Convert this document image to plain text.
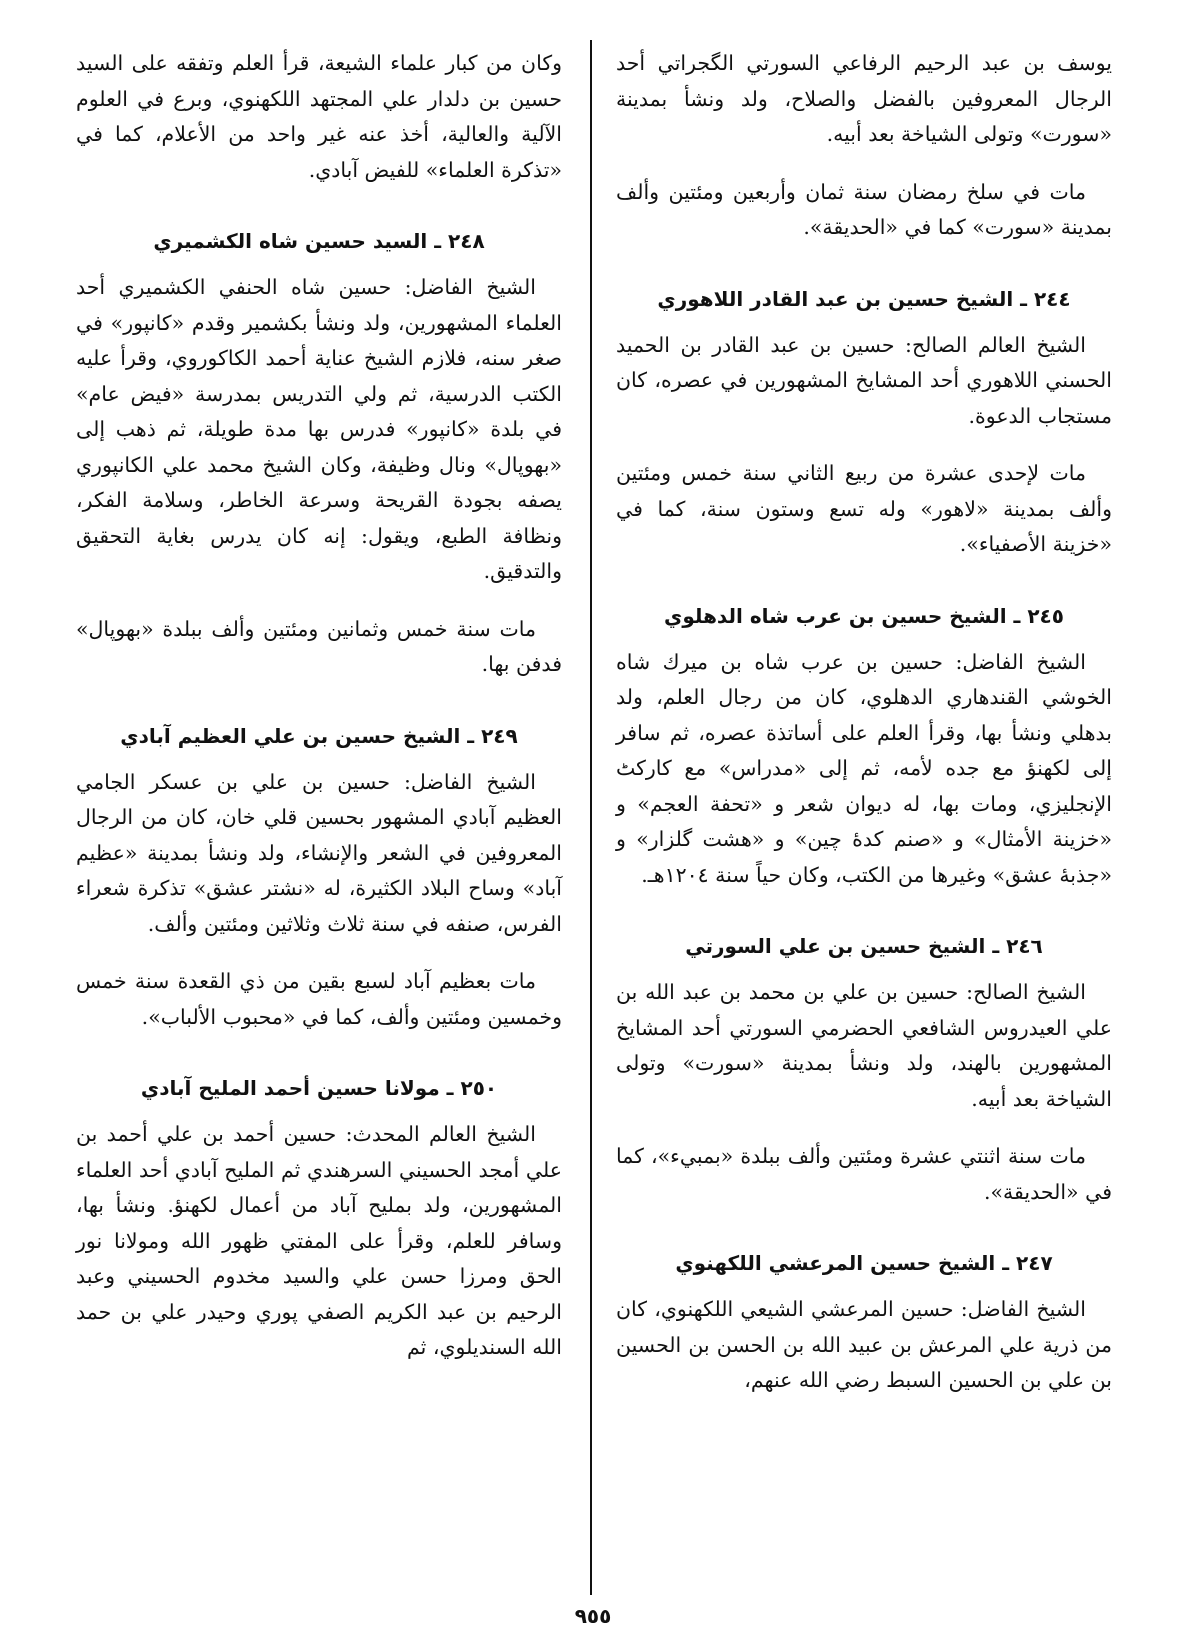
يوسف بن عبد الرحيم الرفاعي السورتي الگجراتي أحد الرجال المعروفين بالفضل والصلاح، ولد ونشأ بمدينة «سورت» وتولى الشياخة بعد أبيه.

مات في سلخ رمضان سنة ثمان وأربعين ومئتين وألف بمدينة «سورت» كما في «الحديقة».

٢٤٤ ـ الشيخ حسين بن عبد القادر اللاهوري

الشيخ العالم الصالح: حسين بن عبد القادر بن الحميد الحسني اللاهوري أحد المشايخ المشهورين في عصره، كان مستجاب الدعوة.

مات لإحدى عشرة من ربيع الثاني سنة خمس ومئتين وألف بمدينة «لاهور» وله تسع وستون سنة، كما في «خزينة الأصفياء».

٢٤٥ ـ الشيخ حسين بن عرب شاه الدهلوي

الشيخ الفاضل: حسين بن عرب شاه بن ميرك شاه الخوشي القندهاري الدهلوي، كان من رجال العلم، ولد بدهلي ونشأ بها، وقرأ العلم على أساتذة عصره، ثم سافر إلى لكهنؤ مع جده لأمه، ثم إلى «مدراس» مع كاركٹ الإنجليزي، ومات بها، له ديوان شعر و «تحفة العجم» و «خزينة الأمثال» و «صنم كدهٔ چين» و «هشت گلزار» و «جذبهٔ عشق» وغيرها من الكتب، وكان حياً سنة ١٢٠٤هـ.

٢٤٦ ـ الشيخ حسين بن علي السورتي

الشيخ الصالح: حسين بن علي بن محمد بن عبد الله بن علي العيدروس الشافعي الحضرمي السورتي أحد المشايخ المشهورين بالهند، ولد ونشأ بمدينة «سورت» وتولى الشياخة بعد أبيه.

مات سنة اثنتي عشرة ومئتين وألف ببلدة «بمبيء»، كما في «الحديقة».

٢٤٧ ـ الشيخ حسين المرعشي اللكهنوي

الشيخ الفاضل: حسين المرعشي الشيعي اللكهنوي، كان من ذرية علي المرعش بن عبيد الله بن الحسن بن الحسين بن علي بن الحسين السبط رضي الله عنهم،

وكان من كبار علماء الشيعة، قرأ العلم وتفقه على السيد حسين بن دلدار علي المجتهد اللكهنوي، وبرع في العلوم الآلية والعالية، أخذ عنه غير واحد من الأعلام، كما في «تذكرة العلماء» للفيض آبادي.

٢٤٨ ـ السيد حسين شاه الكشميري

الشيخ الفاضل: حسين شاه الحنفي الكشميري أحد العلماء المشهورين، ولد ونشأ بكشمير وقدم «كانپور» في صغر سنه، فلازم الشيخ عناية أحمد الكاكوروي، وقرأ عليه الكتب الدرسية، ثم ولي التدريس بمدرسة «فيض عام» في بلدة «كانپور» فدرس بها مدة طويلة، ثم ذهب إلى «بهوپال» ونال وظيفة، وكان الشيخ محمد علي الكانپوري يصفه بجودة القريحة وسرعة الخاطر، وسلامة الفكر، ونظافة الطبع، ويقول: إنه كان يدرس بغاية التحقيق والتدقيق.

مات سنة خمس وثمانين ومئتين وألف ببلدة «بهوپال» فدفن بها.

٢٤٩ ـ الشيخ حسين بن علي العظيم آبادي

الشيخ الفاضل: حسين بن علي بن عسكر الجامي العظيم آبادي المشهور بحسين قلي خان، كان من الرجال المعروفين في الشعر والإنشاء، ولد ونشأ بمدينة «عظيم آباد» وساح البلاد الكثيرة، له «نشتر عشق» تذكرة شعراء الفرس، صنفه في سنة ثلاث وثلاثين ومئتين وألف.

مات بعظيم آباد لسبع بقين من ذي القعدة سنة خمس وخمسين ومئتين وألف، كما في «محبوب الألباب».

٢٥٠ ـ مولانا حسين أحمد المليح آبادي

الشيخ العالم المحدث: حسين أحمد بن علي أحمد بن علي أمجد الحسيني السرهندي ثم المليح آبادي أحد العلماء المشهورين، ولد بمليح آباد من أعمال لكهنؤ. ونشأ بها، وسافر للعلم، وقرأ على المفتي ظهور الله ومولانا نور الحق ومرزا حسن علي والسيد مخدوم الحسيني وعبد الرحيم بن عبد الكريم الصفي پوري وحيدر علي بن حمد الله السنديلوي، ثم

٩٥٥
